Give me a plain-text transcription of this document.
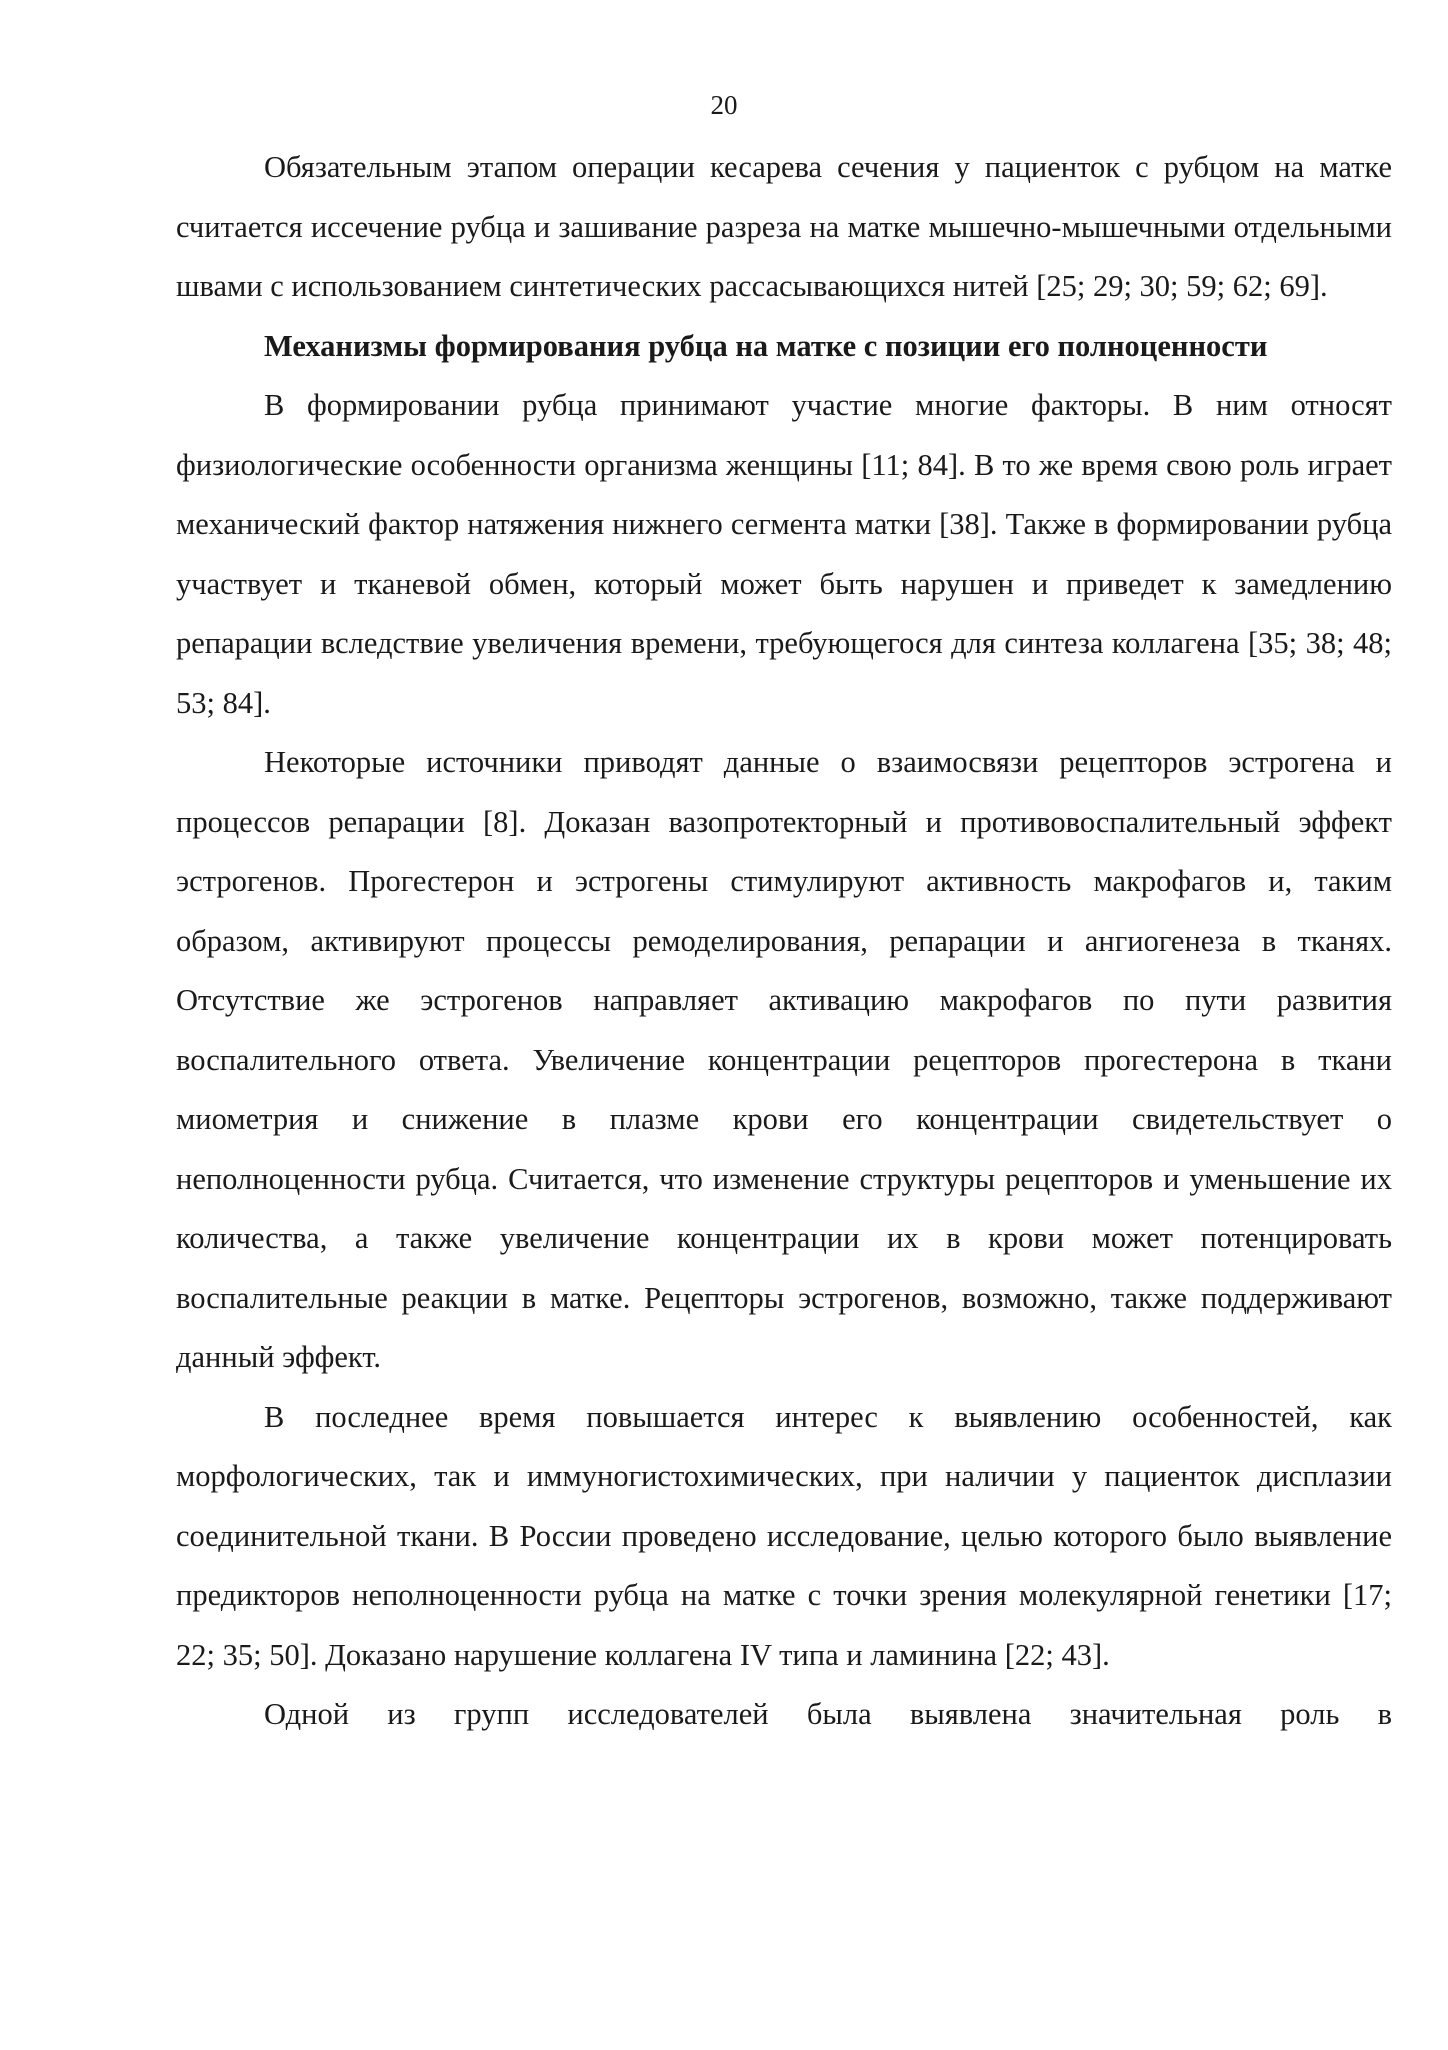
20

Обязательным этапом операции кесарева сечения у пациенток с рубцом на матке считается иссечение рубца и зашивание разреза на матке мышечно-мышечными отдельными швами с использованием синтетических рассасывающихся нитей [25; 29; 30; 59; 62; 69].

Механизмы формирования рубца на матке с позиции его полноценности

В формировании рубца принимают участие многие факторы. В ним относят физиологические особенности организма женщины [11; 84]. В то же время свою роль играет механический фактор натяжения нижнего сегмента матки [38]. Также в формировании рубца участвует и тканевой обмен, который может быть нарушен и приведет к замедлению репарации вследствие увеличения времени, требующегося для синтеза коллагена [35; 38; 48; 53; 84].

Некоторые источники приводят данные о взаимосвязи рецепторов эстрогена и процессов репарации [8]. Доказан вазопротекторный и противовоспалительный эффект эстрогенов. Прогестерон и эстрогены стимулируют активность макрофагов и, таким образом, активируют процессы ремоделирования, репарации и ангиогенеза в тканях. Отсутствие же эстрогенов направляет активацию макрофагов по пути развития воспалительного ответа. Увеличение концентрации рецепторов прогестерона в ткани миометрия и снижение в плазме крови его концентрации свидетельствует о неполноценности рубца. Считается, что изменение структуры рецепторов и уменьшение их количества, а также увеличение концентрации их в крови может потенцировать воспалительные реакции в матке. Рецепторы эстрогенов, возможно, также поддерживают данный эффект.

В последнее время повышается интерес к выявлению особенностей, как морфологических, так и иммуногистохимических, при наличии у пациенток дисплазии соединительной ткани. В России проведено исследование, целью которого было выявление предикторов неполноценности рубца на матке с точки зрения молекулярной генетики [17; 22; 35; 50]. Доказано нарушение коллагена IV типа и ламинина [22; 43].

Одной из групп исследователей была выявлена значительная роль в
